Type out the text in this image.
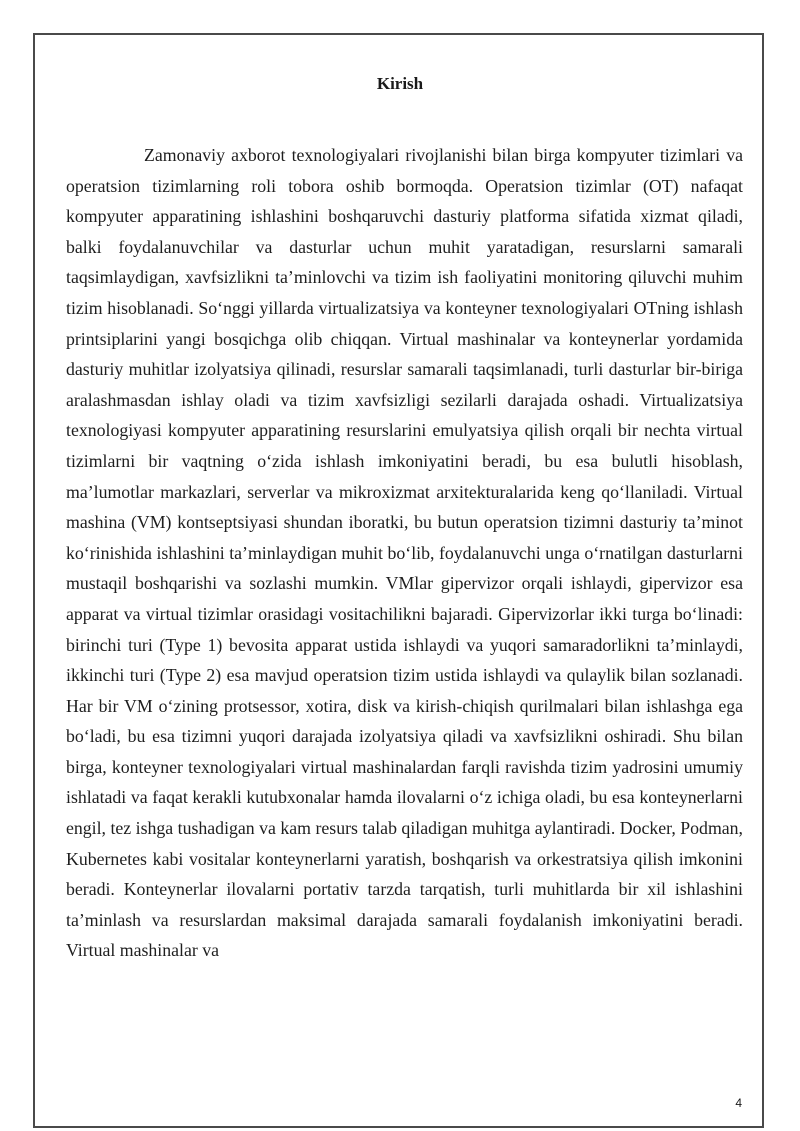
Kirish

Zamonaviy axborot texnologiyalari rivojlanishi bilan birga kompyuter tizimlari va operatsion tizimlarning roli tobora oshib bormoqda. Operatsion tizimlar (OT) nafaqat kompyuter apparatining ishlashini boshqaruvchi dasturiy platforma sifatida xizmat qiladi, balki foydalanuvchilar va dasturlar uchun muhit yaratadigan, resurslarni samarali taqsimlaydigan, xavfsizlikni ta’minlovchi va tizim ish faoliyatini monitoring qiluvchi muhim tizim hisoblanadi. So‘nggi yillarda virtualizatsiya va konteyner texnologiyalari OTning ishlash printsiplarini yangi bosqichga olib chiqqan. Virtual mashinalar va konteynerlar yordamida dasturiy muhitlar izolyatsiya qilinadi, resurslar samarali taqsimlanadi, turli dasturlar bir-biriga aralashmasdan ishlay oladi va tizim xavfsizligi sezilarli darajada oshadi. Virtualizatsiya texnologiyasi kompyuter apparatining resurslarini emulyatsiya qilish orqali bir nechta virtual tizimlarni bir vaqtning o‘zida ishlash imkoniyatini beradi, bu esa bulutli hisoblash, ma’lumotlar markazlari, serverlar va mikroxizmat arxitekturalarida keng qo‘llaniladi. Virtual mashina (VM) kontseptsiyasi shundan iboratki, bu butun operatsion tizimni dasturiy ta’minot ko‘rinishida ishlashini ta’minlaydigan muhit bo‘lib, foydalanuvchi unga o‘rnatilgan dasturlarni mustaqil boshqarishi va sozlashi mumkin. VMlar gipervizor orqali ishlaydi, gipervizor esa apparat va virtual tizimlar orasidagi vositachilikni bajaradi. Gipervizorlar ikki turga bo‘linadi: birinchi turi (Type 1) bevosita apparat ustida ishlaydi va yuqori samaradorlikni ta’minlaydi, ikkinchi turi (Type 2) esa mavjud operatsion tizim ustida ishlaydi va qulaylik bilan sozlanadi. Har bir VM o‘zining protsessor, xotira, disk va kirish-chiqish qurilmalari bilan ishlashga ega bo‘ladi, bu esa tizimni yuqori darajada izolyatsiya qiladi va xavfsizlikni oshiradi. Shu bilan birga, konteyner texnologiyalari virtual mashinalardan farqli ravishda tizim yadrosini umumiy ishlatadi va faqat kerakli kutubxonalar hamda ilovalarni o‘z ichiga oladi, bu esa konteynerlarni engil, tez ishga tushadigan va kam resurs talab qiladigan muhitga aylantiradi. Docker, Podman, Kubernetes kabi vositalar konteynerlarni yaratish, boshqarish va orkestratsiya qilish imkonini beradi. Konteynerlar ilovalarni portativ tarzda tarqatish, turli muhitlarda bir xil ishlashini ta’minlash va resurslardan maksimal darajada samarali foydalanish imkoniyatini beradi. Virtual mashinalar va

4
